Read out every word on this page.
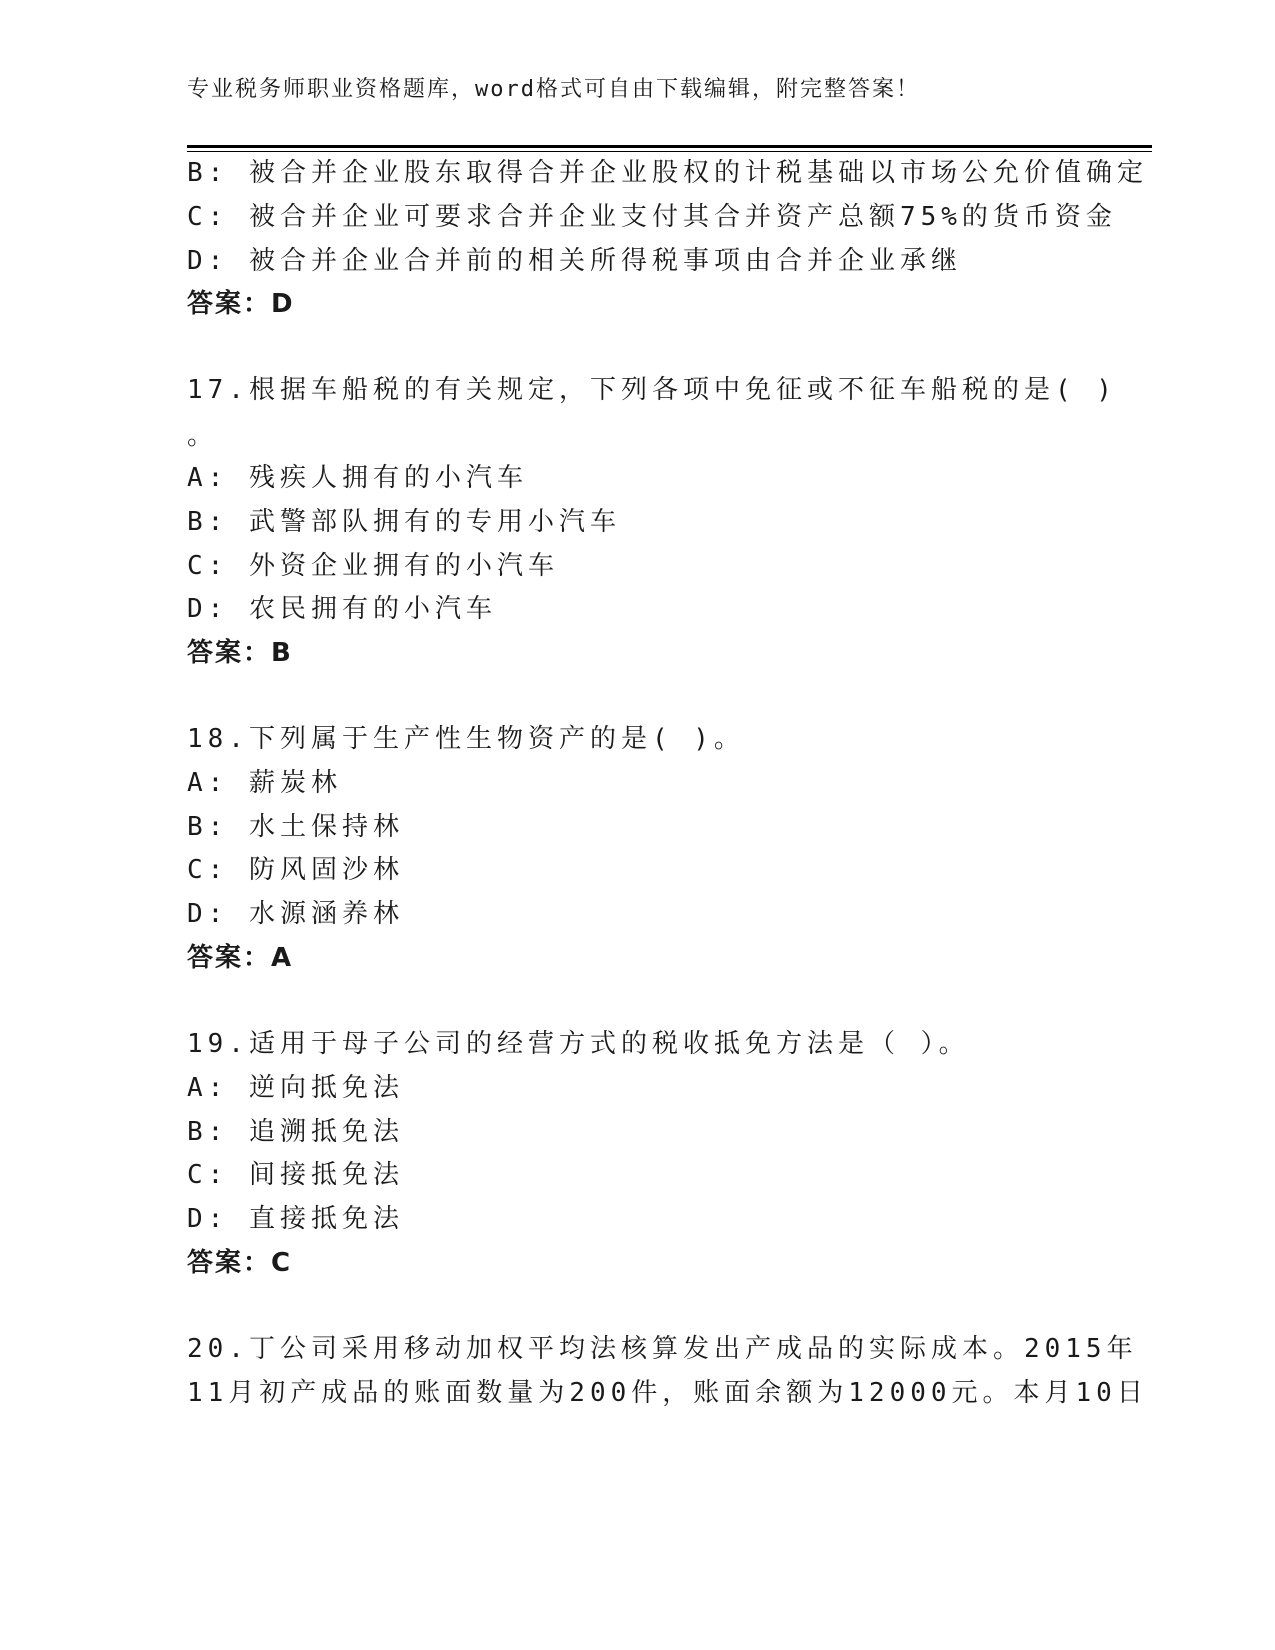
专业税务师职业资格题库，word格式可自由下载编辑，附完整答案！
B: 被合并企业股东取得合并企业股权的计税基础以市场公允价值确定
C: 被合并企业可要求合并企业支付其合并资产总额75%的货币资金
D: 被合并企业合并前的相关所得税事项由合并企业承继
答案：D
17.根据车船税的有关规定，下列各项中免征或不征车船税的是( )
。
A: 残疾人拥有的小汽车
B: 武警部队拥有的专用小汽车
C: 外资企业拥有的小汽车
D: 农民拥有的小汽车
答案：B
18.下列属于生产性生物资产的是( )。
A: 薪炭林
B: 水土保持林
C: 防风固沙林
D: 水源涵养林
答案：A
19.适用于母子公司的经营方式的税收抵免方法是（ ）。
A: 逆向抵免法
B: 追溯抵免法
C: 间接抵免法
D: 直接抵免法
答案：C
20.丁公司采用移动加权平均法核算发出产成品的实际成本。2015年
11月初产成品的账面数量为200件，账面余额为12000元。本月10日
